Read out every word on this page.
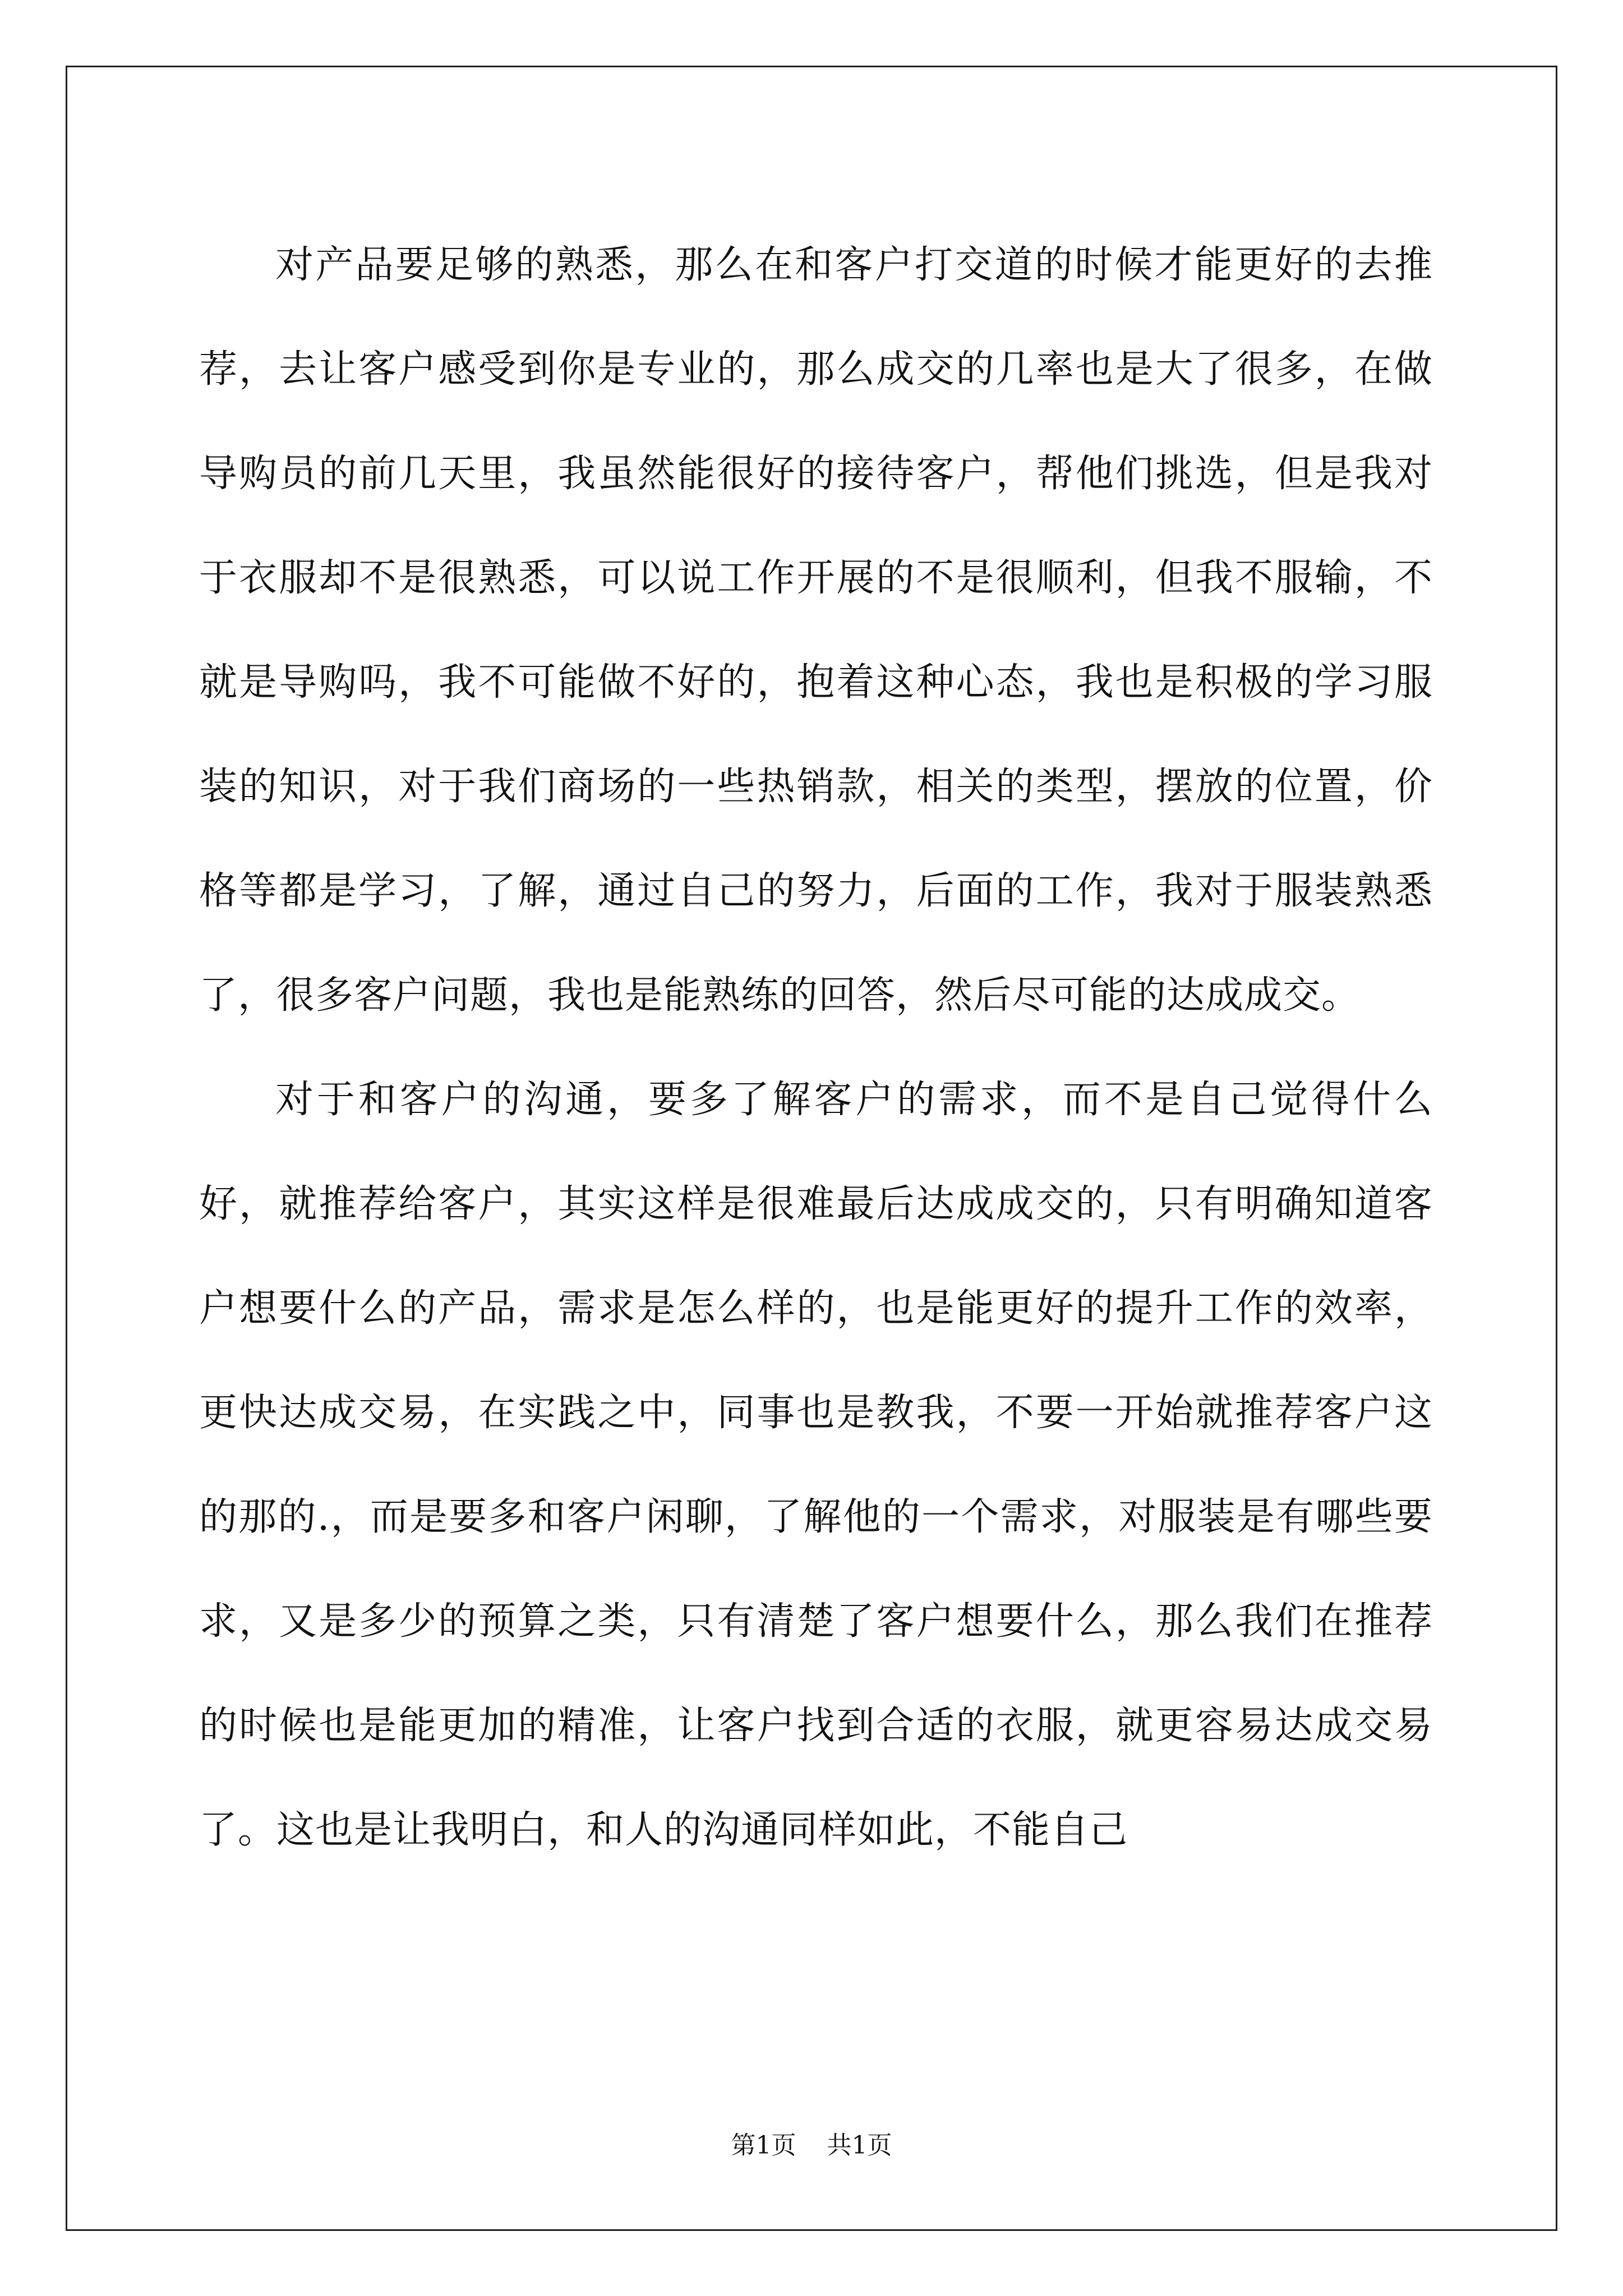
对产品要足够的熟悉，那么在和客户打交道的时候才能更好的去推荐，去让客户感受到你是专业的，那么成交的几率也是大了很多，在做导购员的前几天里，我虽然能很好的接待客户，帮他们挑选，但是我对于衣服却不是很熟悉，可以说工作开展的不是很顺利，但我不服输，不就是导购吗，我不可能做不好的，抱着这种心态，我也是积极的学习服装的知识，对于我们商场的一些热销款，相关的类型，摆放的位置，价格等都是学习，了解，通过自己的努力，后面的工作，我对于服装熟悉了，很多客户问题，我也是能熟练的回答，然后尽可能的达成成交。

对于和客户的沟通，要多了解客户的需求，而不是自己觉得什么好，就推荐给客户，其实这样是很难最后达成成交的，只有明确知道客户想要什么的产品，需求是怎么样的，也是能更好的提升工作的效率，更快达成交易，在实践之中，同事也是教我，不要一开始就推荐客户这的那的.，而是要多和客户闲聊，了解他的一个需求，对服装是有哪些要求，又是多少的预算之类，只有清楚了客户想要什么，那么我们在推荐的时候也是能更加的精准，让客户找到合适的衣服，就更容易达成交易了。这也是让我明白，和人的沟通同样如此，不能自己

第1页 共1页
